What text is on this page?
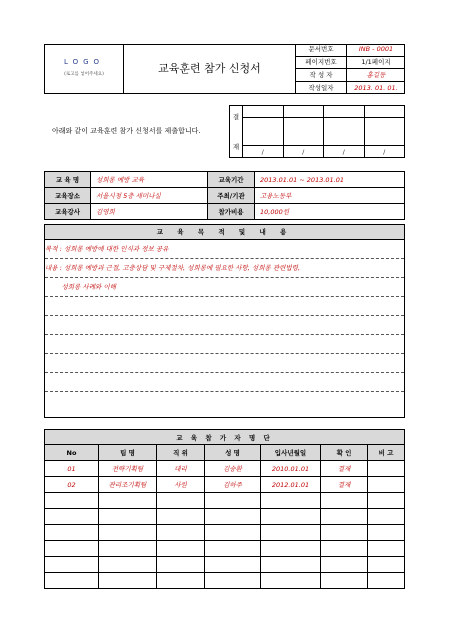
LOGO
(로고를 넣어주세요)	교육훈련 참가 신청서
문서번호	INB - 0001
페이지번호	1/1페이지
작 성 자	홍길동
작성일자	2013. 01. 01.
아래와 같이 교육훈련 참가 신청서를 제출합니다.
결

재				

	/	/	/	/
교 육 명	성희롱 예방 교육	교육기간	2013.01.01 ~ 2013.01.01
교육장소	서울시청 5층 세미나실	주최/기관	고용노동부
교육강사	김영희	참가비용	10,000원
교 육 목 적 및 내 용
목적 : 성희롱 예방에 대한 인식과 정보 공유
내용 : 성희롱 예방과 근절, 고충상담 및 구제절차, 성희롱에 필요한 사항, 성희롱 관련법령,
성희롱 사례와 이해
교 육 참 가 자 명 단						
No	팀 명	직 위	성 명	입사년월일	확 인	비 고
01	전략기획팀	대리	김승환	2010.01.01	결재	
02	관리조기획팀	사원	김하주	2012.01.01	결재	
